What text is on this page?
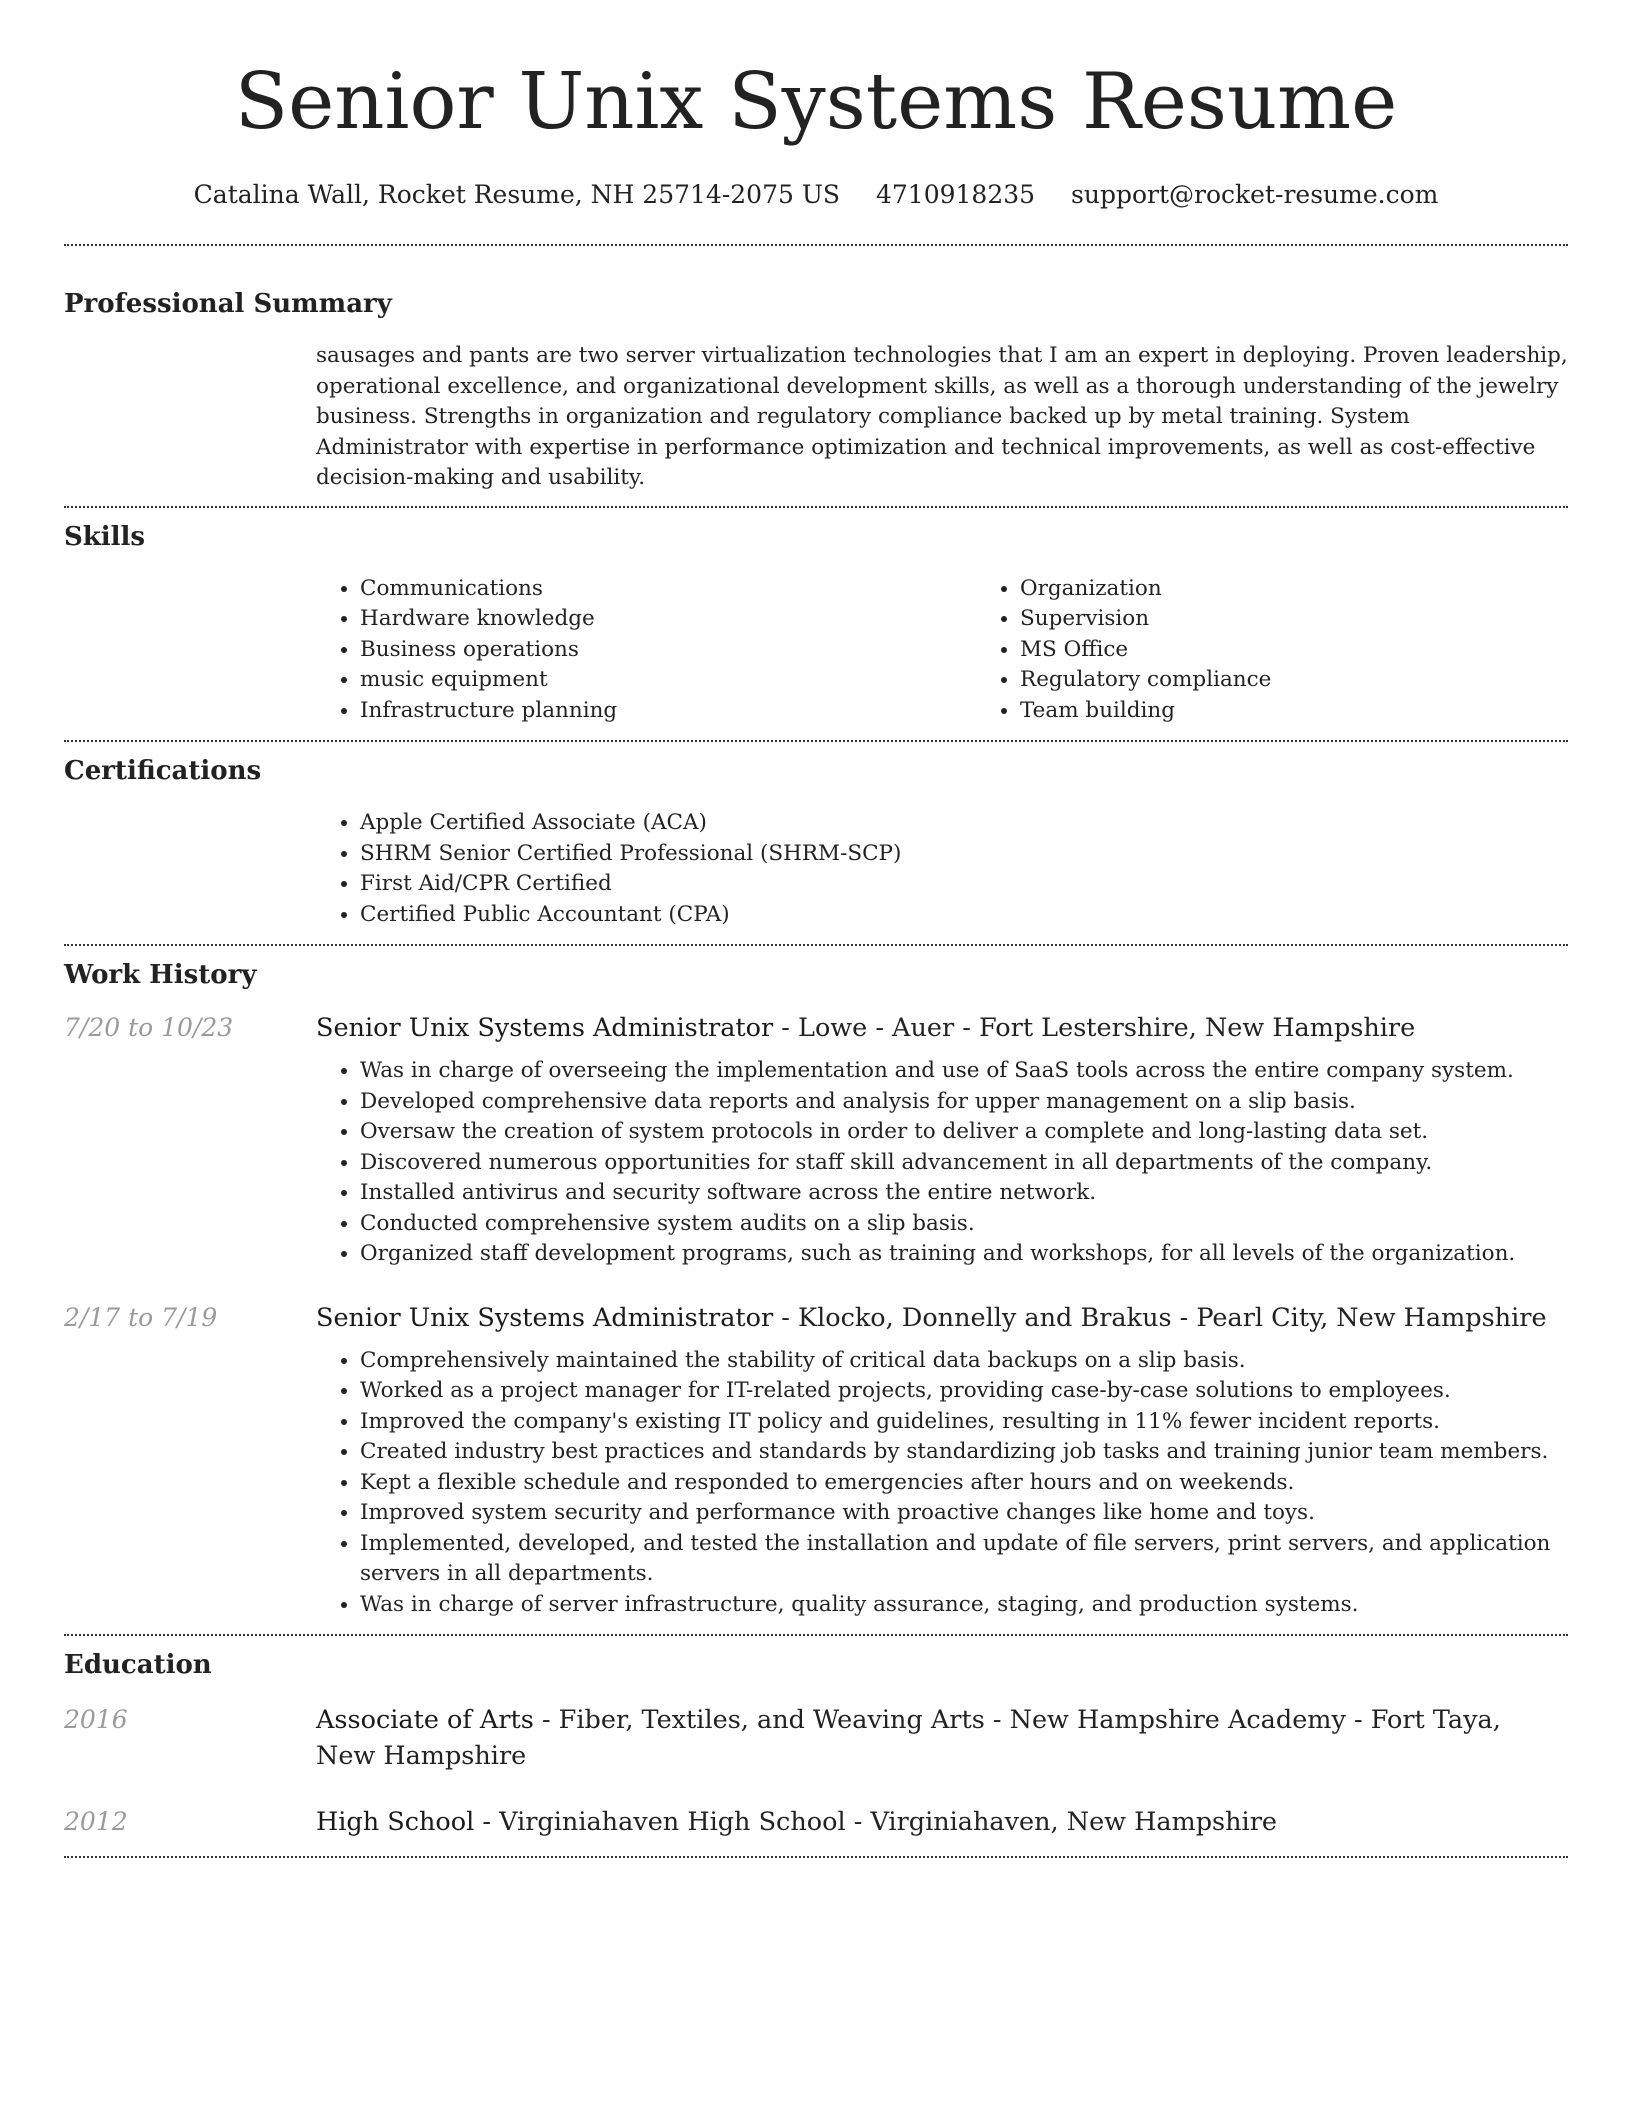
Senior Unix Systems Resume
Catalina Wall, Rocket Resume, NH 25714-2075 US 4710918235 support@rocket-resume.com
Professional Summary

sausages and pants are two server virtualization technologies that I am an expert in deploying. Proven leadership, operational excellence, and organizational development skills, as well as a thorough understanding of the jewelry business. Strengths in organization and regulatory compliance backed up by metal training. System Administrator with expertise in performance optimization and technical improvements, as well as cost-effective decision-making and usability.

Skills
• Communications
• Hardware knowledge
• Business operations
• music equipment
• Infrastructure planning
• Organization
• Supervision
• MS Office
• Regulatory compliance
• Team building
Certifications
• Apple Certified Associate (ACA)
• SHRM Senior Certified Professional (SHRM-SCP)
• First Aid/CPR Certified
• Certified Public Accountant (CPA)
Work History
7/20 to 10/23	Senior Unix Systems Administrator - Lowe - Auer - Fort Lestershire, New Hampshire
• Was in charge of overseeing the implementation and use of SaaS tools across the entire company system.
• Developed comprehensive data reports and analysis for upper management on a slip basis.
• Oversaw the creation of system protocols in order to deliver a complete and long-lasting data set.
• Discovered numerous opportunities for staff skill advancement in all departments of the company.
• Installed antivirus and security software across the entire network.
• Conducted comprehensive system audits on a slip basis.
• Organized staff development programs, such as training and workshops, for all levels of the organization.
2/17 to 7/19	Senior Unix Systems Administrator - Klocko, Donnelly and Brakus - Pearl City, New Hampshire
• Comprehensively maintained the stability of critical data backups on a slip basis.
• Worked as a project manager for IT-related projects, providing case-by-case solutions to employees.
• Improved the company's existing IT policy and guidelines, resulting in 11% fewer incident reports.
• Created industry best practices and standards by standardizing job tasks and training junior team members.
• Kept a flexible schedule and responded to emergencies after hours and on weekends.
• Improved system security and performance with proactive changes like home and toys.
• Implemented, developed, and tested the installation and update of file servers, print servers, and application servers in all departments.
• Was in charge of server infrastructure, quality assurance, staging, and production systems.
Education
2016	Associate of Arts - Fiber, Textiles, and Weaving Arts - New Hampshire Academy - Fort Taya, New Hampshire
2012	High School - Virginiahaven High School - Virginiahaven, New Hampshire
